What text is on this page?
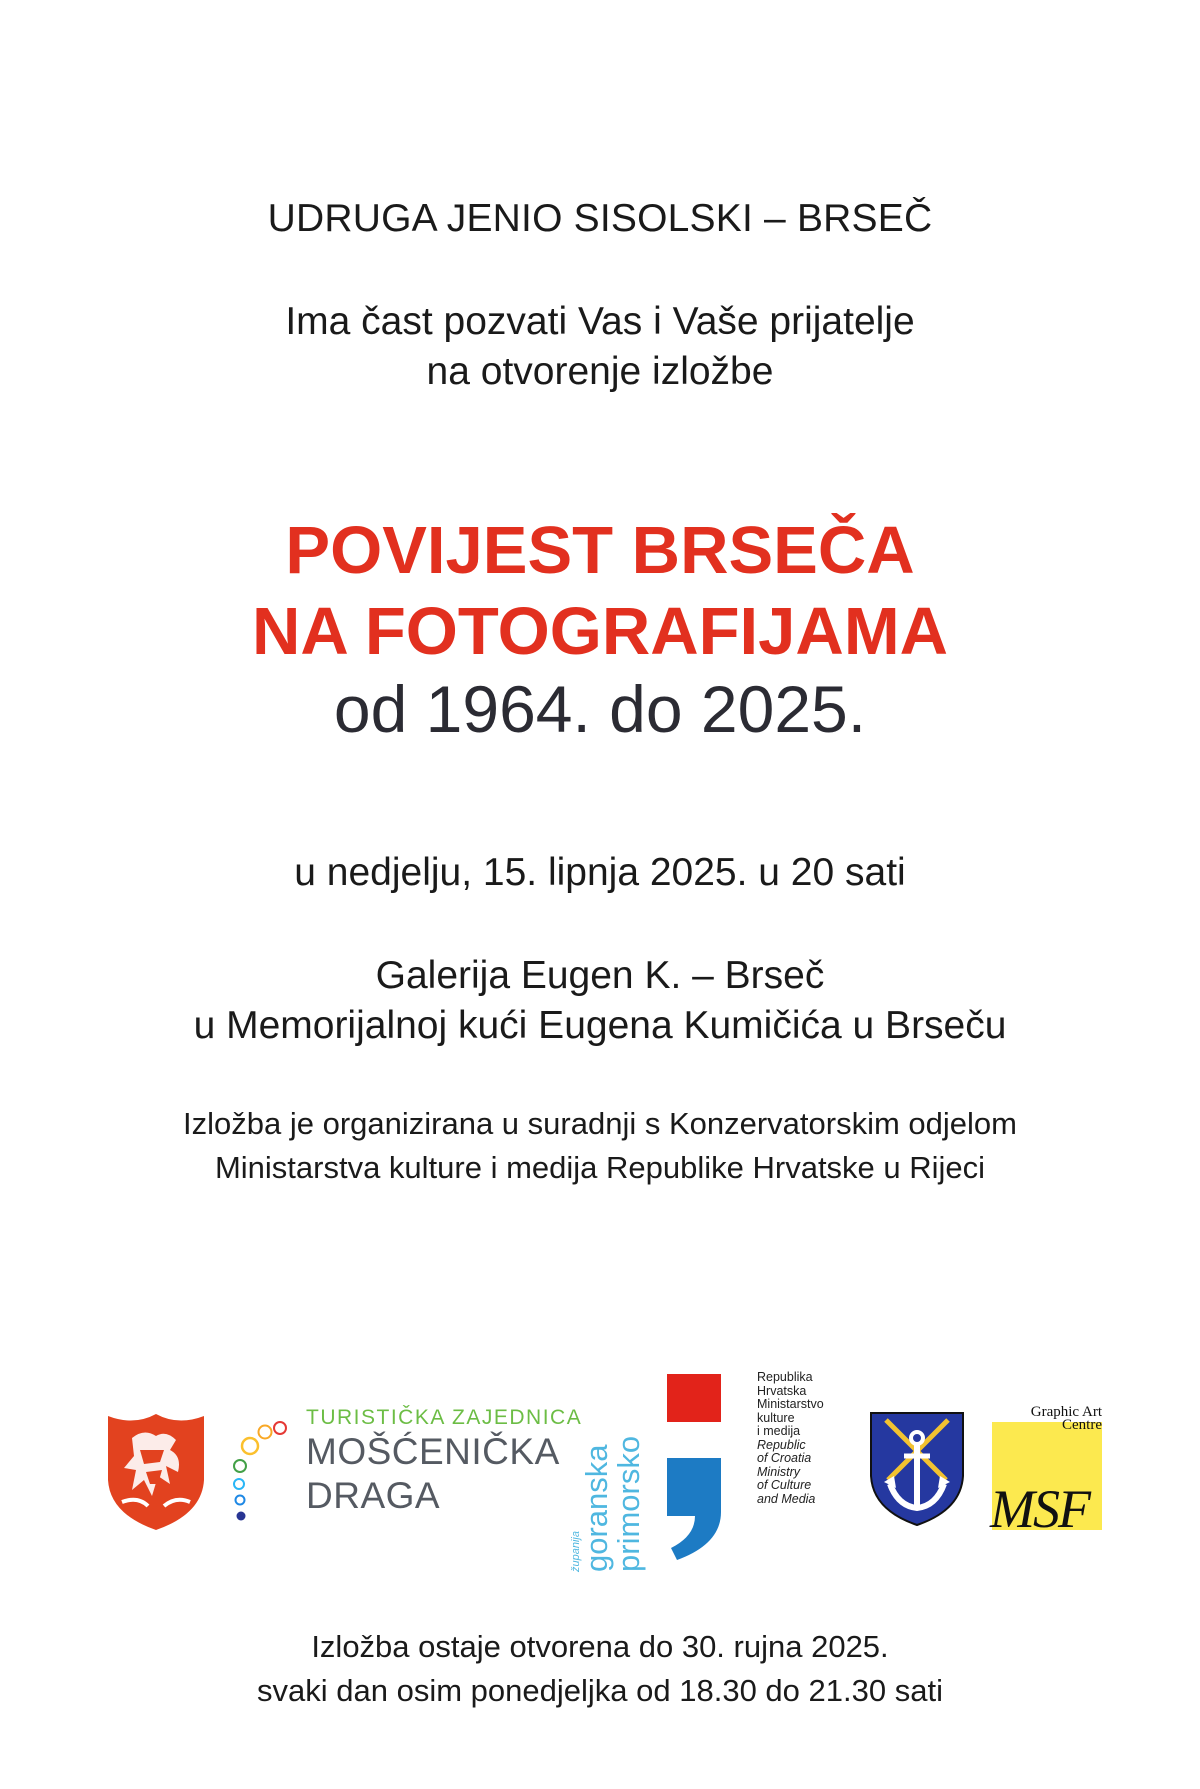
UDRUGA JENIO SISOLSKI – BRSEČ
Ima čast pozvati Vas i Vaše prijatelje
na otvorenje izložbe
POVIJEST BRSEČA
NA FOTOGRAFIJAMA
od 1964. do 2025.
u nedjelju, 15. lipnja 2025. u 20 sati
Galerija Eugen K. – Brseč
u Memorijalnoj kući Eugena Kumičića u Brseču
Izložba je organizirana u suradnji s Konzervatorskim odjelom
Ministarstva kulture i medija Republike Hrvatske u Rijeci
TURISTIČKA ZAJEDNICA
MOŠĆENIČKA
DRAGA
županija
goranska
primorsko
Republika
Hrvatska
Ministarstvo
kulture
i medija
Republic
of Croatia
Ministry
of Culture
and Media
Graphic Art
Centre
MSF
Izložba ostaje otvorena do 30. rujna 2025.
svaki dan osim ponedjeljka od 18.30 do 21.30 sati
